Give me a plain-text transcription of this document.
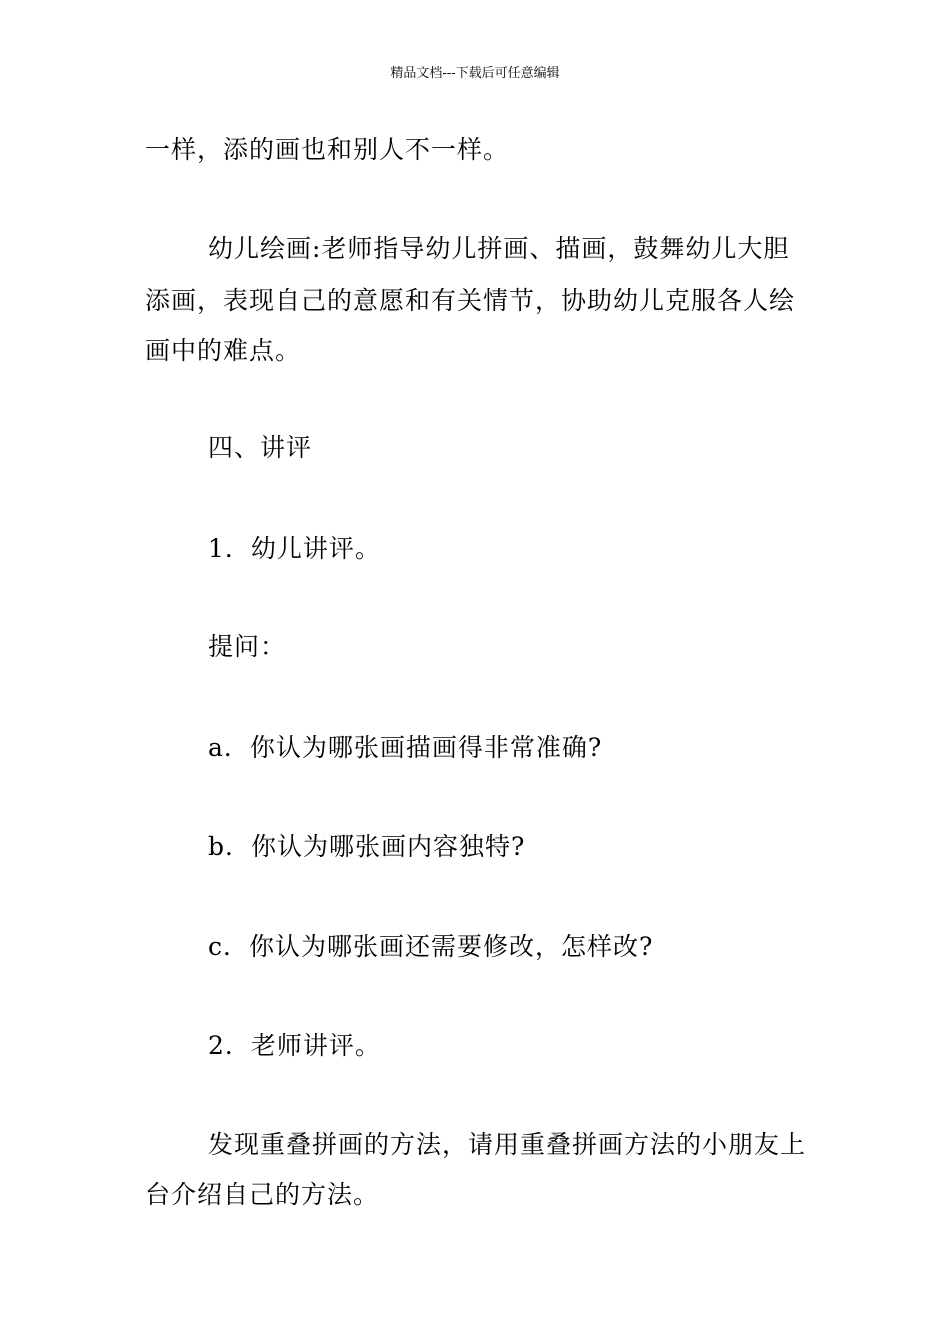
精品文档---下载后可任意编辑
一样，添的画也和别人不一样。
幼儿绘画:老师指导幼儿拼画、描画，鼓舞幼儿大胆
添画，表现自己的意愿和有关情节，协助幼儿克服各人绘
画中的难点。
四、讲评
1．幼儿讲评。
提问：
a．你认为哪张画描画得非常准确?
b．你认为哪张画内容独特?
c．你认为哪张画还需要修改，怎样改?
2．老师讲评。
发现重叠拼画的方法，请用重叠拼画方法的小朋友上
台介绍自己的方法。
